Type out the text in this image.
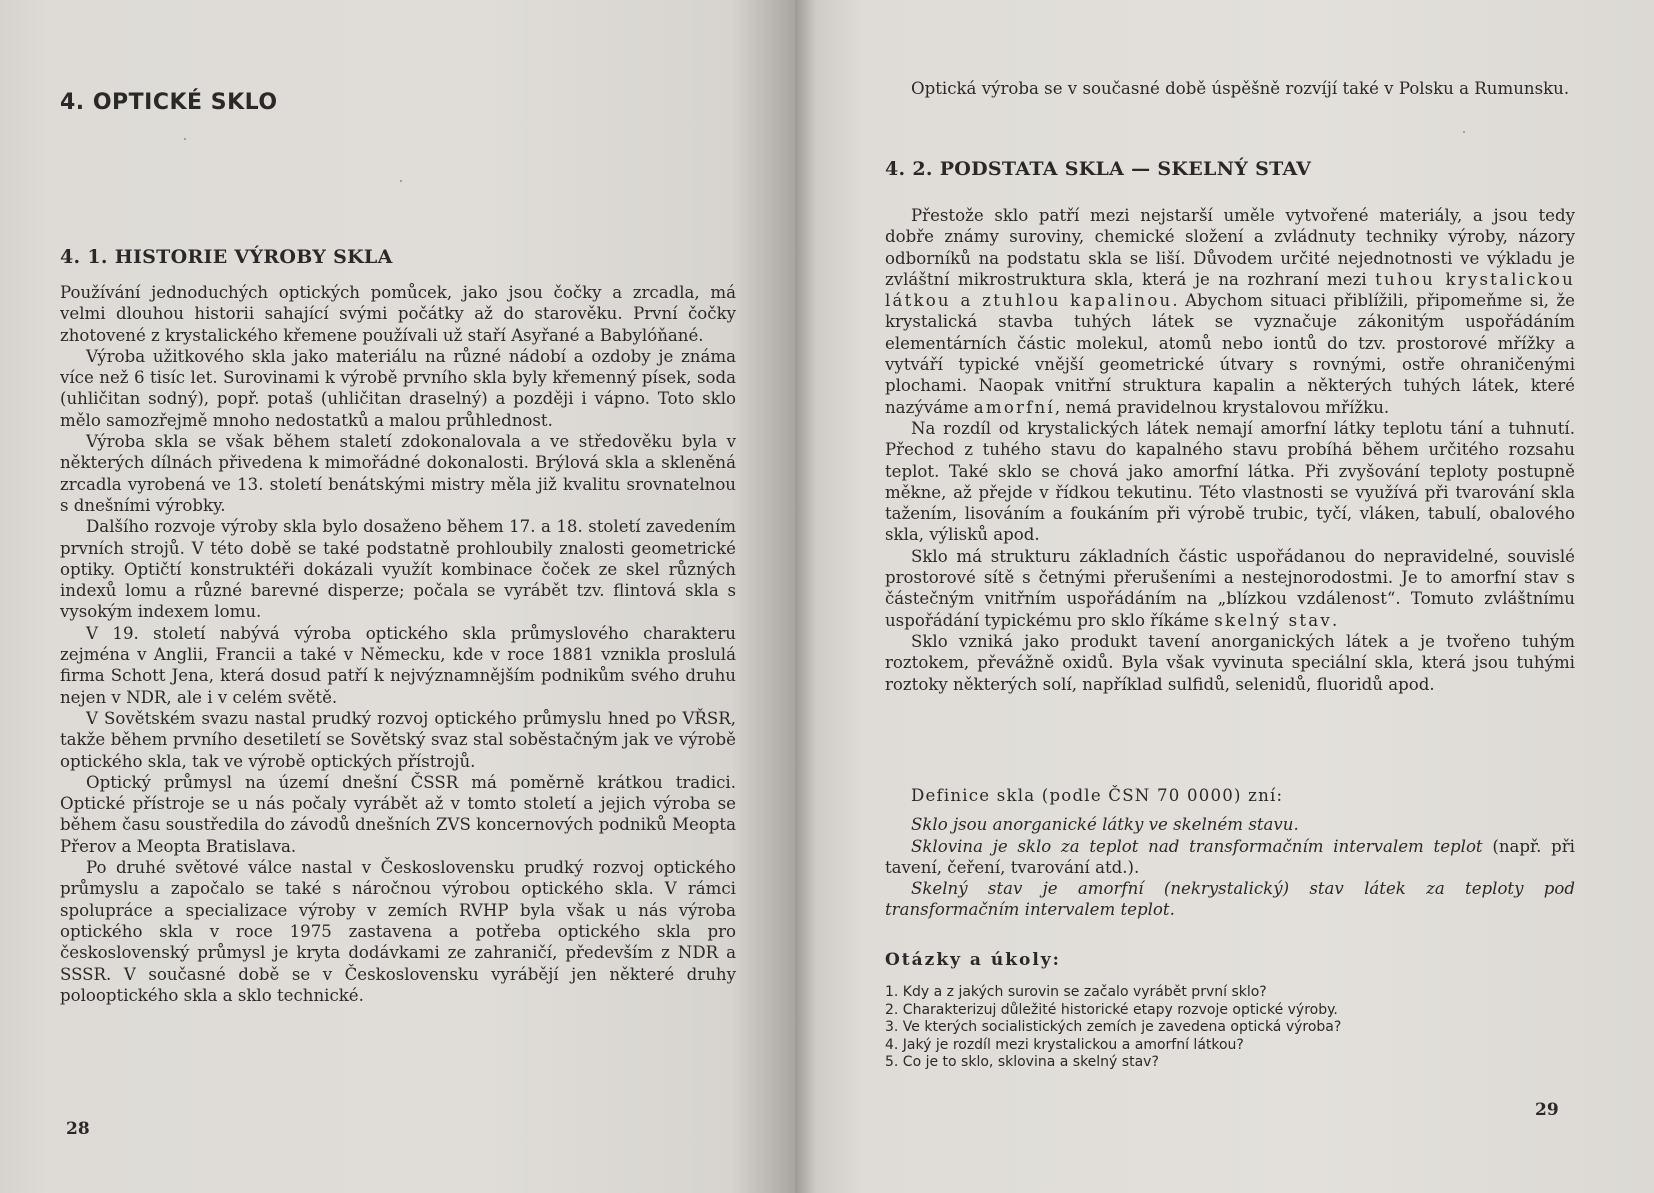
4. OPTICKÉ SKLO
4. 1. HISTORIE VÝROBY SKLA

Používání jednoduchých optických pomůcek, jako jsou čočky a zrcadla, má velmi dlouhou historii sahající svými počátky až do starověku. První čočky zhotovené z krystalického křemene používali už staří Asyřané a Babylóňané.

Výroba užitkového skla jako materiálu na různé nádobí a ozdoby je známa více než 6 tisíc let. Surovinami k výrobě prvního skla byly křemenný písek, soda (uhličitan sodný), popř. potaš (uhličitan draselný) a později i vápno. Toto sklo mělo samozřejmě mnoho nedostatků a malou průhlednost.

Výroba skla se však během staletí zdokonalovala a ve středověku byla v některých dílnách přivedena k mimořádné dokonalosti. Brýlová skla a skleněná zrcadla vyrobená ve 13. století benátskými mistry měla již kvalitu srovnatelnou s dnešními výrobky.

Dalšího rozvoje výroby skla bylo dosaženo během 17. a 18. století zavedením prvních strojů. V této době se také podstatně prohloubily znalosti geometrické optiky. Optičtí konstruktéři dokázali využít kombinace čoček ze skel různých indexů lomu a různé barevné disperze; počala se vyrábět tzv. flintová skla s vysokým indexem lomu.

V 19. století nabývá výroba optického skla průmyslového charakteru zejména v Anglii, Francii a také v Německu, kde v roce 1881 vznikla proslulá firma Schott Jena, která dosud patří k nejvýznamnějším podnikům svého druhu nejen v NDR, ale i v celém světě.

V Sovětském svazu nastal prudký rozvoj optického průmyslu hned po VŘSR, takže během prvního desetiletí se Sovětský svaz stal soběstačným jak ve výrobě optického skla, tak ve výrobě optických přístrojů.

Optický průmysl na území dnešní ČSSR má poměrně krátkou tradici. Optické přístroje se u nás počaly vyrábět až v tomto století a jejich výroba se během času soustředila do závodů dnešních ZVS koncernových podniků Meopta Přerov a Meopta Bratislava.

Po druhé světové válce nastal v Československu prudký rozvoj optického průmyslu a započalo se také s náročnou výrobou optického skla. V rámci spolupráce a specializace výroby v zemích RVHP byla však u nás výroba optického skla v roce 1975 zastavena a potřeba optického skla pro československý průmysl je kryta dodávkami ze zahraničí, především z NDR a SSSR. V současné době se v Československu vyrábějí jen některé druhy polooptického skla a sklo technické.

28

Optická výroba se v současné době úspěšně rozvíjí také v Polsku a Rumunsku.

4. 2. PODSTATA SKLA — SKELNÝ STAV

Přestože sklo patří mezi nejstarší uměle vytvořené materiály, a jsou tedy dobře známy suroviny, chemické složení a zvládnuty techniky výroby, názory odborníků na podstatu skla se liší. Důvodem určité nejednotnosti ve výkladu je zvláštní mikrostruktura skla, která je na rozhraní mezi tuhou krystalickou látkou a ztuhlou kapalinou. Abychom situaci přiblížili, připomeňme si, že krystalická stavba tuhých látek se vyznačuje zákonitým uspořádáním elementárních částic molekul, atomů nebo iontů do tzv. prostorové mřížky a vytváří typické vnější geometrické útvary s rovnými, ostře ohraničenými plochami. Naopak vnitřní struktura kapalin a některých tuhých látek, které nazýváme amorfní, nemá pravidelnou krystalovou mřížku.

Na rozdíl od krystalických látek nemají amorfní látky teplotu tání a tuhnutí. Přechod z tuhého stavu do kapalného stavu probíhá během určitého rozsahu teplot. Také sklo se chová jako amorfní látka. Při zvyšování teploty postupně měkne, až přejde v řídkou tekutinu. Této vlastnosti se využívá při tvarování skla tažením, lisováním a foukáním při výrobě trubic, tyčí, vláken, tabulí, obalového skla, výlisků apod.

Sklo má strukturu základních částic uspořádanou do nepravidelné, souvislé prostorové sítě s četnými přerušeními a nestejnorodostmi. Je to amorfní stav s částečným vnitřním uspořádáním na „blízkou vzdálenost“. Tomuto zvláštnímu uspořádání typickému pro sklo říkáme skelný stav.

Sklo vzniká jako produkt tavení anorganických látek a je tvořeno tuhým roztokem, převážně oxidů. Byla však vyvinuta speciální skla, která jsou tuhými roztoky některých solí, například sulfidů, selenidů, fluoridů apod.

Definice skla (podle ČSN 70 0000) zní:

Sklo jsou anorganické látky ve skelném stavu.

Sklovina je sklo za teplot nad transformačním intervalem teplot (např. při tavení, čeření, tvarování atd.).

Skelný stav je amorfní (nekrystalický) stav látek za teploty pod transformačním intervalem teplot.

Otázky a úkoly:
1. Kdy a z jakých surovin se začalo vyrábět první sklo?
2. Charakterizuj důležité historické etapy rozvoje optické výroby.
3. Ve kterých socialistických zemích je zavedena optická výroba?
4. Jaký je rozdíl mezi krystalickou a amorfní látkou?
5. Co je to sklo, sklovina a skelný stav?
29
